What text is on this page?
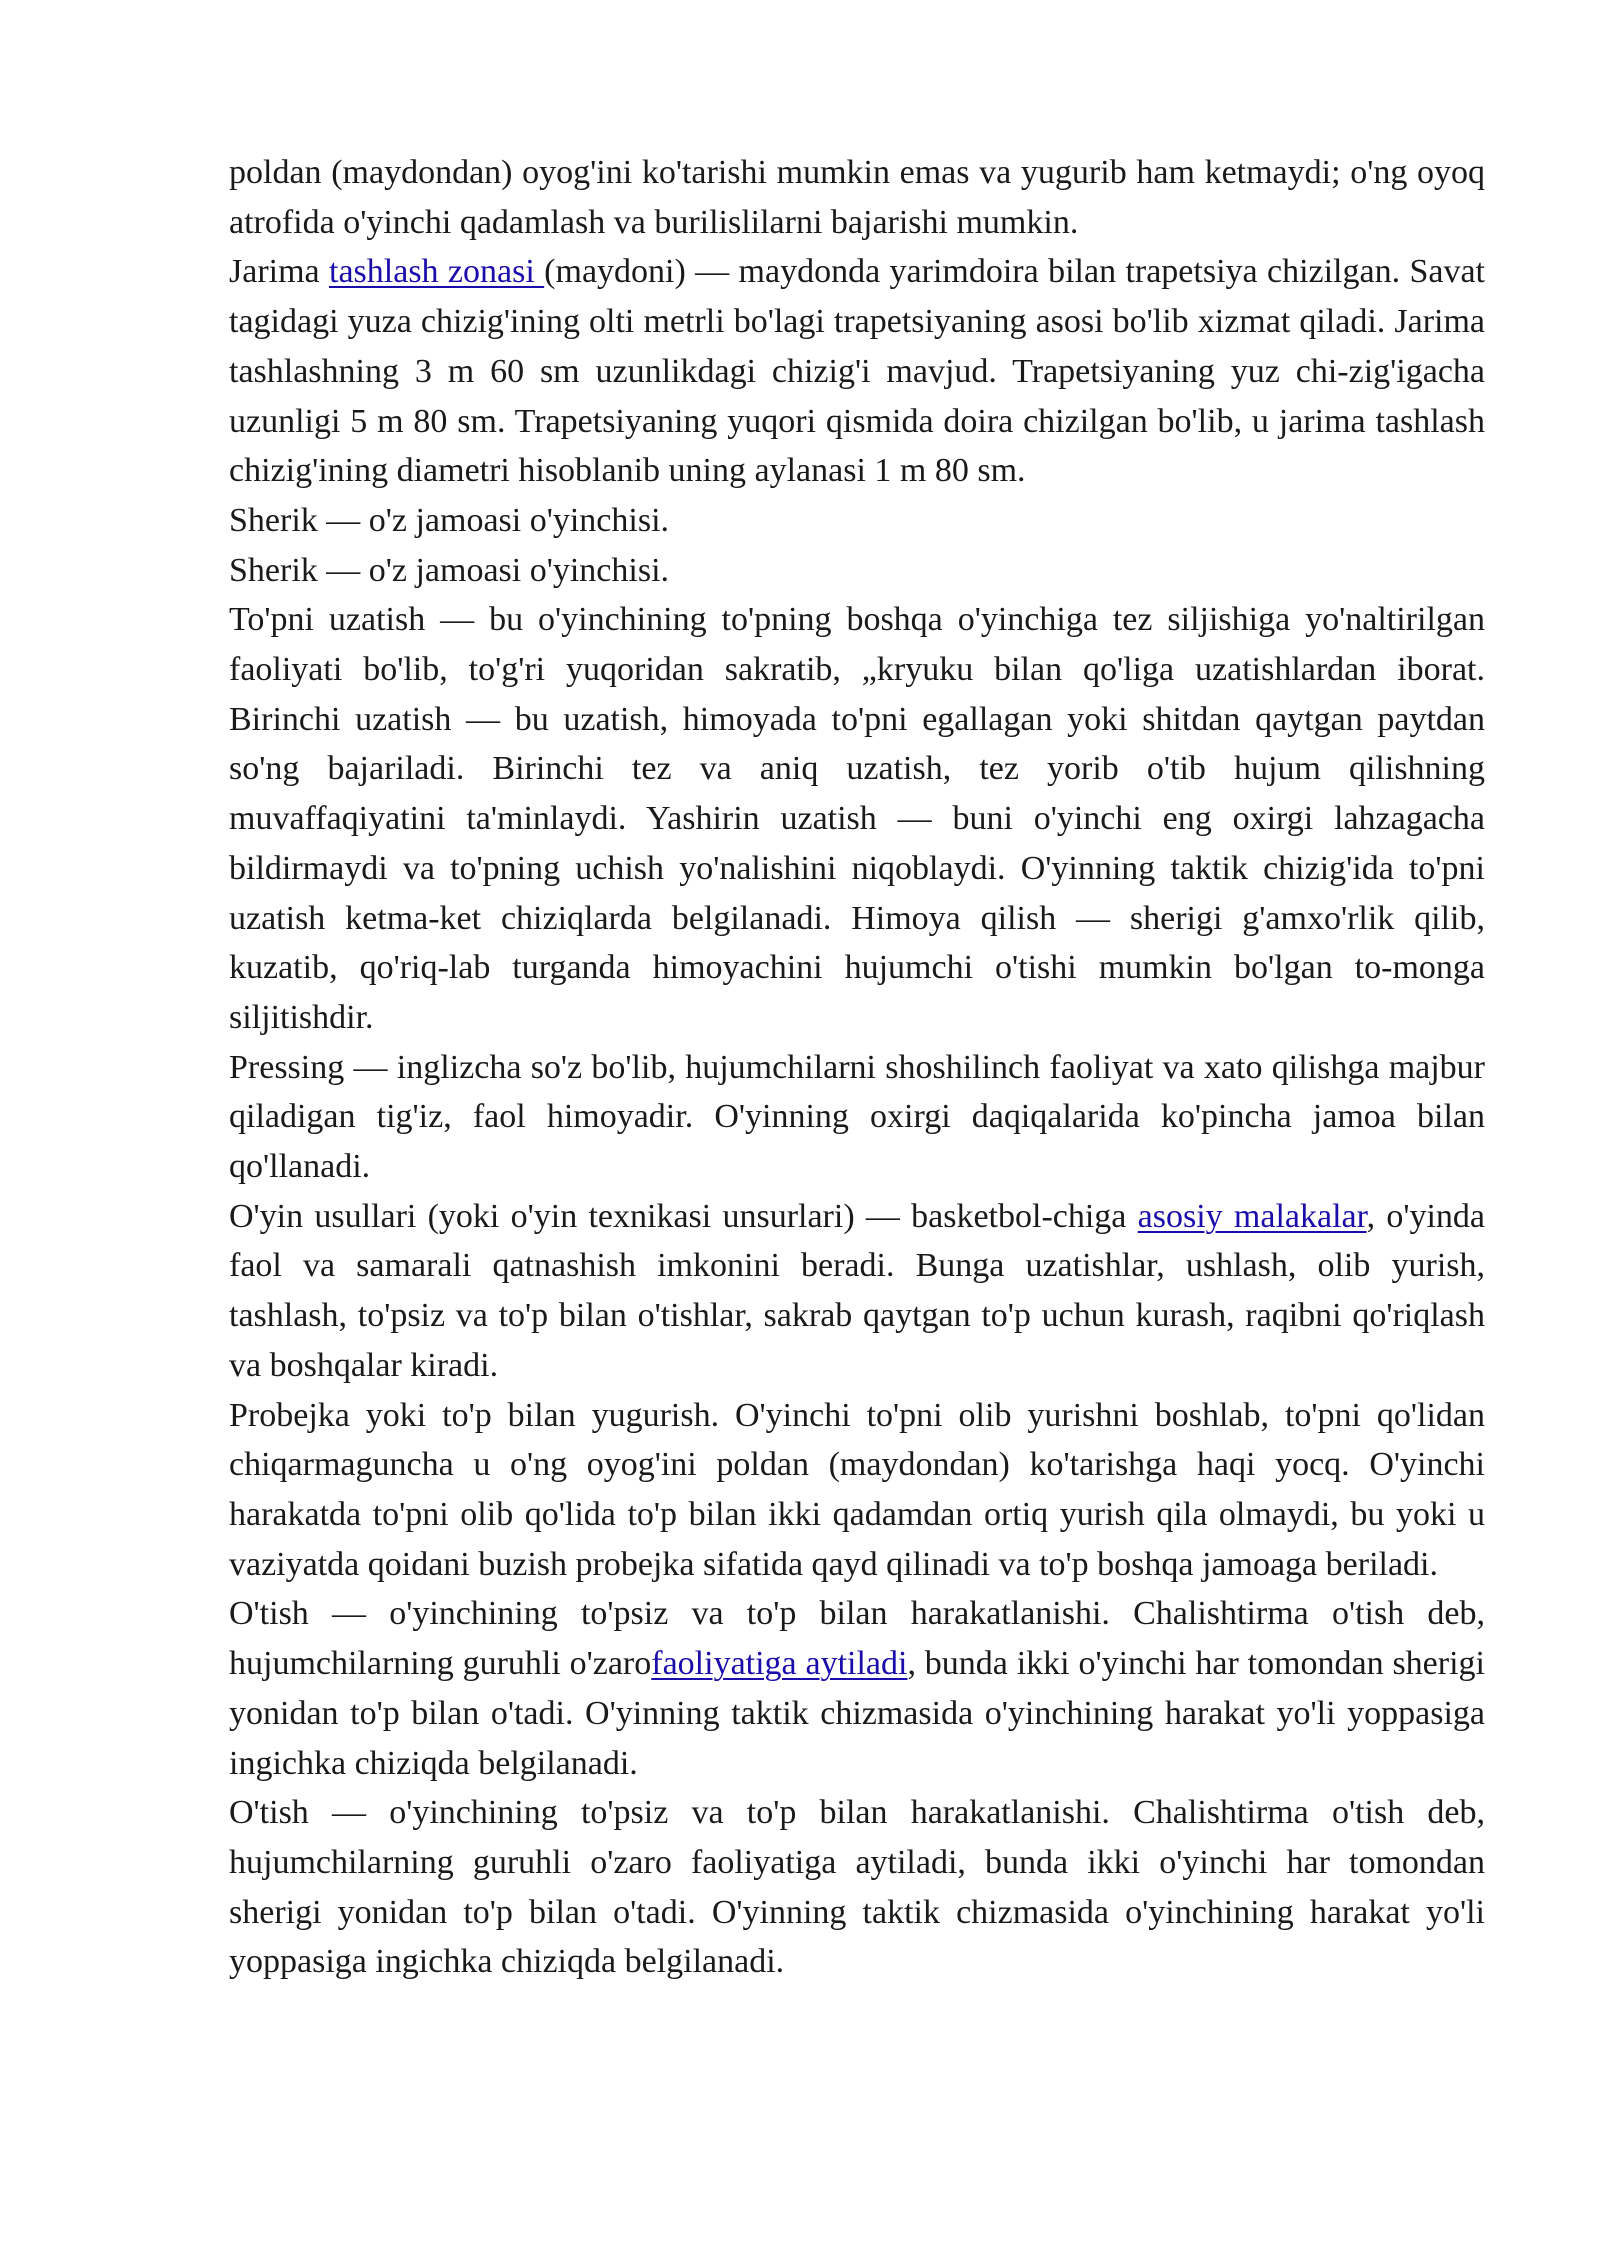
poldan (maydondan) oyog'ini ko'tarishi mumkin emas va yugurib ham ketmaydi; o'ng oyoq atrofida o'yinchi qadamlash va burilislilarni bajarishi mumkin.

Jarima tashlash zonasi (maydoni) — maydonda yarimdoira bilan trapetsiya chizilgan. Savat tagidagi yuza chizig'ining olti metrli bo'lagi trapetsiyaning asosi bo'lib xizmat qiladi. Jarima tashlashning 3 m 60 sm uzunlikdagi chizig'i mavjud. Trapetsiyaning yuz chi-zig'igacha uzunligi 5 m 80 sm. Trapetsiyaning yuqori qismida doira chizilgan bo'lib, u jarima tashlash chizig'ining diametri hisoblanib uning aylanasi 1 m 80 sm.

Sherik — o'z jamoasi o'yinchisi.

Sherik — o'z jamoasi o'yinchisi.

To'pni uzatish — bu o'yinchining to'pning boshqa o'yinchiga tez siljishiga yo'naltirilgan faoliyati bo'lib, to'g'ri yuqoridan sakratib, „kryuku bilan qo'liga uzatishlardan iborat. Birinchi uzatish — bu uzatish, himoyada to'pni egallagan yoki shitdan qaytgan paytdan so'ng bajariladi. Birinchi tez va aniq uzatish, tez yorib o'tib hujum qilishning muvaffaqiyatini ta'minlaydi. Yashirin uzatish — buni o'yinchi eng oxirgi lahzagacha bildirmaydi va to'pning uchish yo'nalishini niqoblaydi. O'yinning taktik chizig'ida to'pni uzatish ketma-ket chiziqlarda belgilanadi. Himoya qilish — sherigi g'amxo'rlik qilib, kuzatib, qo'riq-lab turganda himoyachini hujumchi o'tishi mumkin bo'lgan to-monga siljitishdir.

Pressing — inglizcha so'z bo'lib, hujumchilarni shoshilinch faoliyat va xato qilishga majbur qiladigan tig'iz, faol himoyadir. O'yinning oxirgi daqiqalarida ko'pincha jamoa bilan qo'llanadi.

O'yin usullari (yoki o'yin texnikasi unsurlari) — basketbol-chiga asosiy malakalar, o'yinda faol va samarali qatnashish imkonini beradi. Bunga uzatishlar, ushlash, olib yurish, tashlash, to'psiz va to'p bilan o'tishlar, sakrab qaytgan to'p uchun kurash, raqibni qo'riqlash va boshqalar kiradi.

Probejka yoki to'p bilan yugurish. O'yinchi to'pni olib yurishni boshlab, to'pni qo'lidan chiqarmaguncha u o'ng oyog'ini poldan (maydondan) ko'tarishga haqi yocq. O'yinchi harakatda to'pni olib qo'lida to'p bilan ikki qadamdan ortiq yurish qila olmaydi, bu yoki u vaziyatda qoidani buzish probejka sifatida qayd qilinadi va to'p boshqa jamoaga beriladi.

O'tish — o'yinchining to'psiz va to'p bilan harakatlanishi. Chalishtirma o'tish deb, hujumchilarning guruhli o'zarofaoliyatiga aytiladi, bunda ikki o'yinchi har tomondan sherigi yonidan to'p bilan o'tadi. O'yinning taktik chizmasida o'yinchining harakat yo'li yoppasiga ingichka chiziqda belgilanadi.

O'tish — o'yinchining to'psiz va to'p bilan harakatlanishi. Chalishtirma o'tish deb, hujumchilarning guruhli o'zaro faoliyatiga aytiladi, bunda ikki o'yinchi har tomondan sherigi yonidan to'p bilan o'tadi. O'yinning taktik chizmasida o'yinchining harakat yo'li yoppasiga ingichka chiziqda belgilanadi.
